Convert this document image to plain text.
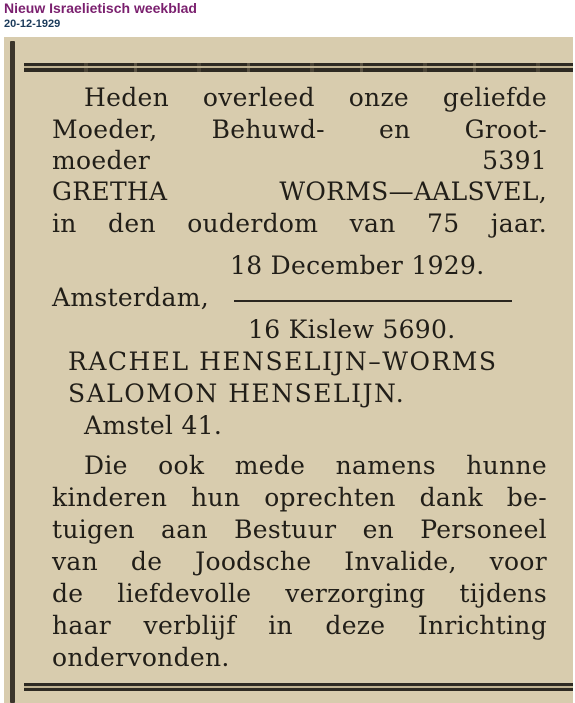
Nieuw Israelietisch weekblad
20-12-1929
Heden overleed onze geliefde
Moeder, Behuwd- en Groot-
moeder	5391
GRETHA	WORMS—AALSVEL,
in den ouderdom van 75 jaar.
18 December 1929.
Amsterdam,
16 Kislew 5690.
RACHEL HENSELIJN–WORMS
SALOMON HENSELIJN.
Amstel 41.
Die ook mede namens hunne
kinderen hun oprechten dank be-
tuigen aan Bestuur en Personeel
van de Joodsche Invalide, voor
de liefdevolle verzorging tijdens
haar verblijf in deze Inrichting
ondervonden.
